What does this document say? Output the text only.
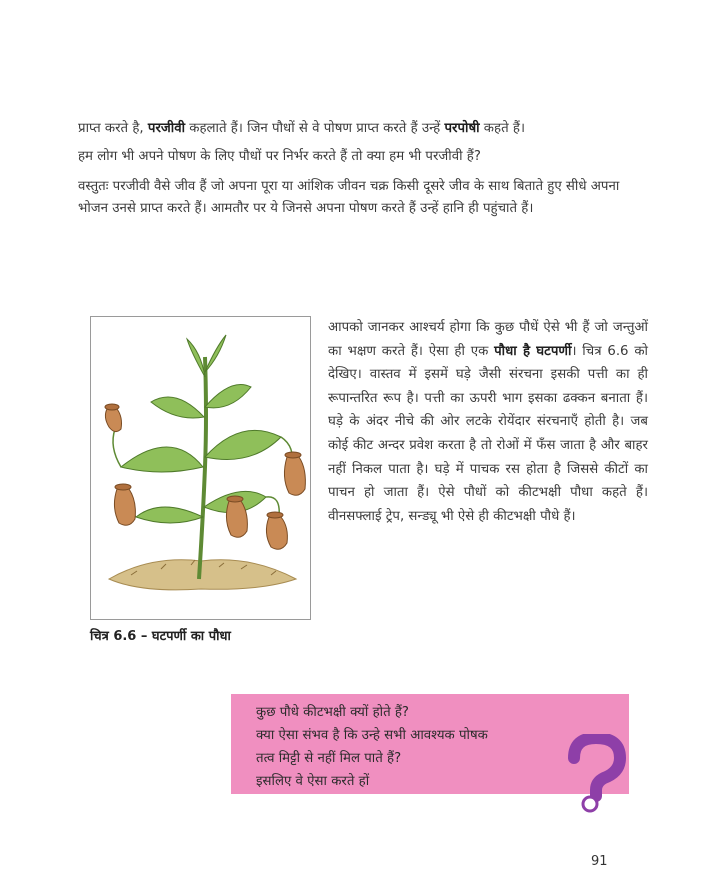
प्राप्त करते है, परजीवी कहलाते हैं। जिन पौधों से वे पोषण प्राप्त करते हैं उन्हें परपोषी कहते हैं।

हम लोग भी अपने पोषण के लिए पौधों पर निर्भर करते हैं तो क्या हम भी परजीवी हैं?

वस्तुतः परजीवी वैसे जीव हैं जो अपना पूरा या आंशिक जीवन चक्र किसी दूसरे जीव के साथ बिताते हुए सीधे अपना भोजन उनसे प्राप्त करते हैं। आमतौर पर ये जिनसे अपना पोषण करते हैं उन्हें हानि ही पहुंचाते हैं।

चित्र 6.6 – घटपर्णी का पौधा

आपको जानकर आश्चर्य होगा कि कुछ पौधें ऐसे भी हैं जो जन्तुओं का भक्षण करते हैं। ऐसा ही एक पौधा है घटपर्णी। चित्र 6.6 को देखिए। वास्तव में इसमें घड़े जैसी संरचना इसकी पत्ती का ही रूपान्तरित रूप है। पत्ती का ऊपरी भाग इसका ढक्कन बनाता हैं। घड़े के अंदर नीचे की ओर लटके रोयेंदार संरचनाएँ होती है। जब कोई कीट अन्दर प्रवेश करता है तो रोओं में फँस जाता है और बाहर नहीं निकल पाता है। घड़े में पाचक रस होता है जिससे कीटों का पाचन हो जाता हैं। ऐसे पौधों को कीटभक्षी पौधा कहते हैं। वीनसफ्लाई ट्रेप, सन्ड्यू भी ऐसे ही कीटभक्षी पौधे हैं।

कुछ पौधे कीटभक्षी क्यों होते हैं?
क्या ऐसा संभव है कि उन्हे सभी आवश्यक पोषक
तत्व मिट्टी से नहीं मिल पाते हैं?
इसलिए वे ऐसा करते हों
91
